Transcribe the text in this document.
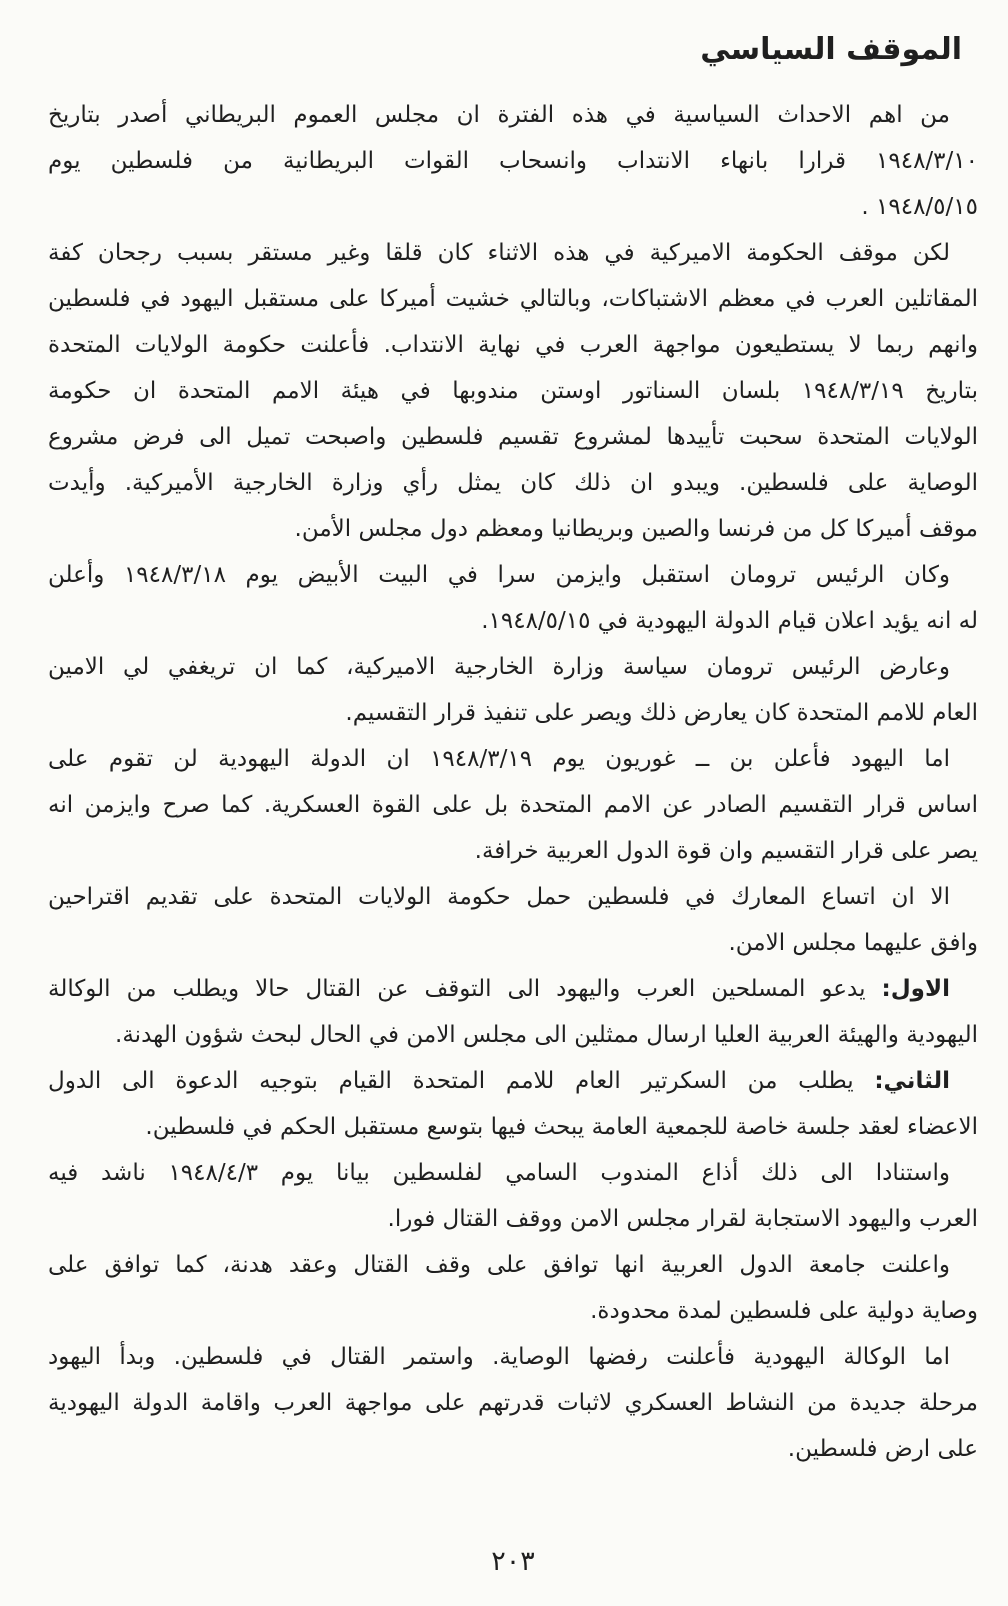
الموقف السياسي
من اهم الاحداث السياسية في هذه الفترة ان مجلس العموم البريطاني أصدر بتاريخ
١٩٤٨/٣/١٠ قرارا بانهاء الانتداب وانسحاب القوات البريطانية من فلسطين يوم
١٩٤٨/٥/١٥ .
لكن موقف الحكومة الاميركية في هذه الاثناء كان قلقا وغير مستقر بسبب رجحان كفة
المقاتلين العرب في معظم الاشتباكات، وبالتالي خشيت أميركا على مستقبل اليهود في فلسطين
وانهم ربما لا يستطيعون مواجهة العرب في نهاية الانتداب. فأعلنت حكومة الولايات المتحدة
بتاريخ ١٩٤٨/٣/١٩ بلسان السناتور اوستن مندوبها في هيئة الامم المتحدة ان حكومة
الولايات المتحدة سحبت تأييدها لمشروع تقسيم فلسطين واصبحت تميل الى فرض مشروع
الوصاية على فلسطين. ويبدو ان ذلك كان يمثل رأي وزارة الخارجية الأميركية. وأيدت
موقف أميركا كل من فرنسا والصين وبريطانيا ومعظم دول مجلس الأمن.
وكان الرئيس ترومان استقبل وايزمن سرا في البيت الأبيض يوم ١٩٤٨/٣/١٨ وأعلن
له انه يؤيد اعلان قيام الدولة اليهودية في ١٩٤٨/٥/١٥.
وعارض الرئيس ترومان سياسة وزارة الخارجية الاميركية، كما ان تريغفي لي الامين
العام للامم المتحدة كان يعارض ذلك ويصر على تنفيذ قرار التقسيم.
اما اليهود فأعلن بن ــ غوريون يوم ١٩٤٨/٣/١٩ ان الدولة اليهودية لن تقوم على
اساس قرار التقسيم الصادر عن الامم المتحدة بل على القوة العسكرية. كما صرح وايزمن انه
يصر على قرار التقسيم وان قوة الدول العربية خرافة.
الا ان اتساع المعارك في فلسطين حمل حكومة الولايات المتحدة على تقديم اقتراحين
وافق عليهما مجلس الامن.
الاول: يدعو المسلحين العرب واليهود الى التوقف عن القتال حالا ويطلب من الوكالة
اليهودية والهيئة العربية العليا ارسال ممثلين الى مجلس الامن في الحال لبحث شؤون الهدنة.
الثاني: يطلب من السكرتير العام للامم المتحدة القيام بتوجيه الدعوة الى الدول
الاعضاء لعقد جلسة خاصة للجمعية العامة يبحث فيها بتوسع مستقبل الحكم في فلسطين.
واستنادا الى ذلك أذاع المندوب السامي لفلسطين بيانا يوم ١٩٤٨/٤/٣ ناشد فيه
العرب واليهود الاستجابة لقرار مجلس الامن ووقف القتال فورا.
واعلنت جامعة الدول العربية انها توافق على وقف القتال وعقد هدنة، كما توافق على
وصاية دولية على فلسطين لمدة محدودة.
اما الوكالة اليهودية فأعلنت رفضها الوصاية. واستمر القتال في فلسطين. وبدأ اليهود
مرحلة جديدة من النشاط العسكري لاثبات قدرتهم على مواجهة العرب واقامة الدولة اليهودية
على ارض فلسطين.
٢٠٣
